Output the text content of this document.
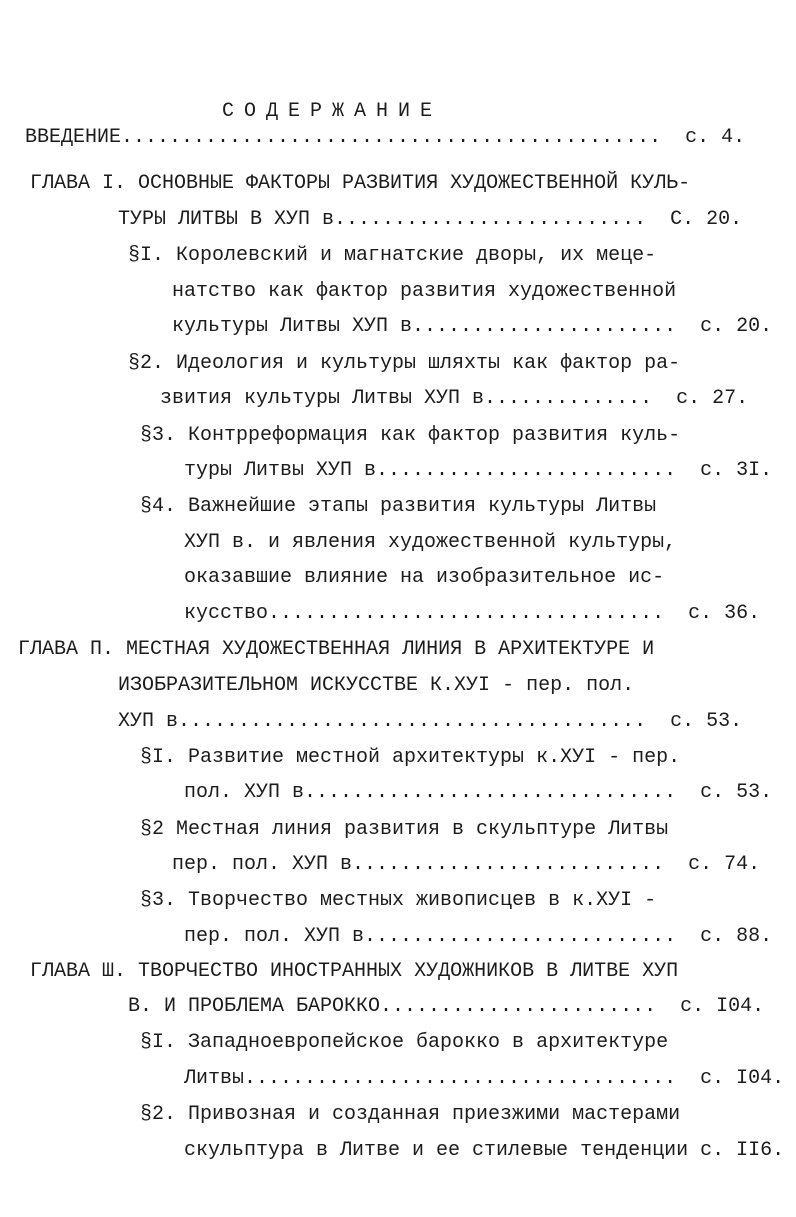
СОДЕРЖАНИЕ
ВВЕДЕНИЕ.............................................  с. 4.
ГЛАВА I. ОСНОВНЫЕ ФАКТОРЫ РАЗВИТИЯ ХУДОЖЕСТВЕННОЙ КУЛЬ-
ТУРЫ ЛИТВЫ В ХУП в..........................  С. 20.
§I. Королевский и магнатские дворы, их меце-
натство как фактор развития художественной
культуры Литвы ХУП в......................  с. 20.
§2. Идеология и культуры шляхты как фактор ра-
звития культуры Литвы ХУП в..............  с. 27.
§3. Контрреформация как фактор развития куль-
туры Литвы ХУП в.........................  с. 3I.
§4. Важнейшие этапы развития культуры Литвы
ХУП в. и явления художественной культуры,
оказавшие влияние на изобразительное ис-
кусство.................................  с. 36.
ГЛАВА П. МЕСТНАЯ ХУДОЖЕСТВЕННАЯ ЛИНИЯ В АРХИТЕКТУРЕ И
ИЗОБРАЗИТЕЛЬНОМ ИСКУССТВЕ К.ХУI - пер. пол.
ХУП в.......................................  с. 53.
§I. Развитие местной архитектуры к.ХУI - пер.
пол. ХУП в...............................  с. 53.
§2 Местная линия развития в скульптуре Литвы
пер. пол. ХУП в..........................  с. 74.
§3. Творчество местных живописцев в к.ХУI -
пер. пол. ХУП в..........................  с. 88.
ГЛАВА Ш. ТВОРЧЕСТВО ИНОСТРАННЫХ ХУДОЖНИКОВ В ЛИТВЕ ХУП
В. И ПРОБЛЕМА БАРОККО.......................  с. I04.
§I. Западноевропейское барокко в архитектуре
Литвы....................................  с. I04.
§2. Привозная и созданная приезжими мастерами
скульптура в Литве и ее стилевые тенденции с. II6.
